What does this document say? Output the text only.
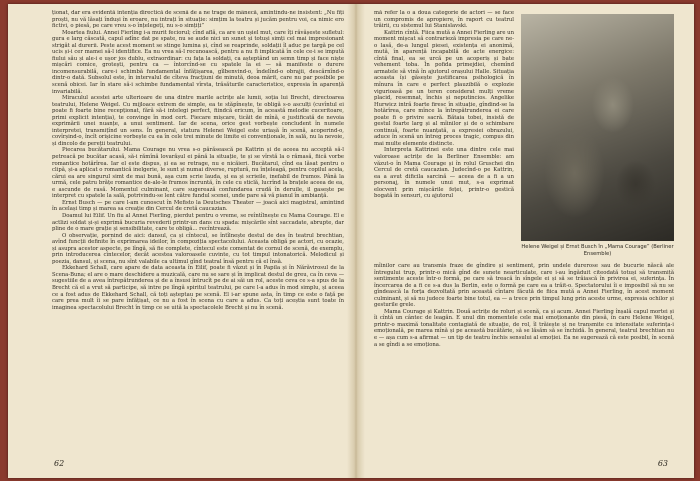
ționat, dar era evidentă intenția directică de scenă de a ne trage de mânecă, amintindu-ne insistent: „Nu fiți proști, nu vă lăsați înduși în eroare, nu intrați în situație: simțim la teatru și jucăm pentru voi, ca nimic ero fictivi, o piesă, pe care vreu s-o înțelegeți, nu s-o simțiți”

Moartea fiului. Annei Fierling i-a murit feciorul; cînd află, ca are un ușiel mut, care îți răvășeste sufletul: gura e larg căscată, capul adînc dat pe spate, nu se aude nici un sunet și totuși simți cel mai impresionant strigăt al durerii. Peste acest moment se stinge lumina și, cînd se reaprinde, soldații îl aduc pe targă pe cel ucis și-i cer mamei să-l identifice. Ea nu vrea să-l recunoască, pentru a nu fi implicată în cele ce-i se impută fiului său și ale-i e ușor jos dublu, extraordinar: cu fața la soldați, ca așteptând un semn timp și face niște mișcări comice, grotești, pentru ca — întorcînd-se cu spatele la ei — să manifeste o durere incomensurabilă, care-i schimbă fundamental înfățișarea, gîlbenvind-o, îndelînd-o obrajii, descărnînd-o dintr-o dată. Subsolul este, în intervalul de cîteva fracțiuni de minută, deoa mărit, care nu par posibile pe scenă obicei. Iar în stare să-i schimbe fundamental vîrsta, trăsăturile caracteristice, expresia în aparență invariabilă.

Miraculul acestei arte ulterioare de una dintre marile actrițe ale lumii, soția lui Brecht, directoarea teatrului, Helene Weigel. Cu mijloace extrem de simple, ea te stăpînește, te obligă s-o asculți (cuvîntul ei poate fi foarte bine recepționat, fără să-i intelegi perfect, fiindcă ericum, în această melodie cuceritoare, primi explicit intenția), te convinge în mod cert. Fiecare mișcare, ticăit de mînă, e justificată de nevoia exprimării unei nuanțe, a unui sentiment. Iar de scena, orice gest vorbește concludent în numele interpretei, transmițînd un sens. În general, statura Helenei Weigel este uriașă în scenă, acoperind-o, covîrșind-o, încît orișicine vorbește cu ea în cele trei minute de limite ei convenționale, în sală, nu la nevoie, și dincolo de pereții teatrului.

Piecarea bucătarului. Mama Courage nu vrea s-o părăsească pe Kattrin și de aceea nu acceptă să-l petreacă pe bucătar acasă, să-i rămînă lovarășul ei până la situație, te și se vîrstă la o rămasă, fiică vorbe romantice hotărîrea. Iar el este dispus, și ea se retrage, nu e nicăieri. Bucătarul, cînd ea lăsat pentru o clipă, și-a aplicat o romantică inelgerie, le sunt și numai diverse, ruptură, nu înțeleagă, pentru copilul acela, cărui ea are singurul simt de mai bună, așa cum scrie lauda, și ea și scrieile, inefabil de frumos. Până la urmă, cele patru brățe romantice de-ale-le frumos încruntă, în cele cu sticlă, lucrînd la brațele aceea de ea, e ascunde de rasă. Momentul culminant, care sugerează confundarea crudă în deruile, il gasește pe interpret cu spatele la sală, potrivindu-se lent câtre fundul scenei, unde pare să vă pianul în ambianță.

Ernst Busch — pe care l-am cunoscut în Mefisto la Deutsches Theater — joacă aici magistral, amintind în același timp și marea sa creație din Cercul de cretă caucazian.

Doamul lui Eilif. Un fiu al Annei Fierling, pierdut pentru o vreme, se reîntîlnește cu Mama Courage. El e actlizi soldat și-și exprimă bucuria revederii printr-un dans cu spada: mișcările sînt saccadate, abrupte, dar pline de o mare grație și sensibilitate, care te obligă... recîntrează.

O observație, pornind de aici: dansul, ca și cîntecul, se întîlnește destul de des în teatrul brechtian, avînd funcții definite în exprimarea ideilor, în compoziția spectacolului. Aceasta obligă pe actori, cu ocazie, și asupra acestor aspecte, pe lîngă, să fie complete, cîntecul este comentat de cornul de scenă, de exemplu, prin introducerea cîntecelor, decât acestea valoroasele cuvinte, cu tot timpul intonatorică. Melodicul și poezia, dansul, și scena, nu sînt valabile ca ultimul gînd teatral însă pentru că el însă.

Ekkehard Schall, care apare de data aceasta în Eilif, poate fi văzut și în Papila și în Nărăvirosul de la Scena-Buna; el are o mare deschidere a muzicală, care nu se sare și în implicat destul de greu, ca în ceva — sugestiile de a avea întrepătrunderea și de a însusi întrucît pe de ai săi un rol, aceste ceva ce s-a spus de la Brecht că el a vrut să participe, să intre pe lîngă spiritul teatrului, pe care l-a adus în mod simplu, și aceea ce a fost adus de Ekkehard Schall, că toți așteptau pe scenă. El i-ar spune asta, în timp ce este o față pe care prea mult îi se pare înfățișat, ce nu a fost în scena cu care a adus. Ca toți aceștia sunt toate în imaginea spectacolului Brecht în timp ce se uită la spectacolele Brecht și nu în scenă.

62

mă refer la o a doua categorie de actori — se face un compromis de apropiere, în raport cu teatrul trăirii, cu sistemul lui Stanislavski.

Kattrin cîntă. Fiica mută a Annei Fierling are un moment mișcat să contrarieză impresia pe care ne-o lasă, de-a lungul piesei, existența ei anonimă, mută, în aparență incapabilă de acte energice: cîntă final, ea se urcă pe un acoperiș și bate vehement toba. În pofida primejdiei, chemînd armatele să vină în ajutorul orașului Halle. Situația aceasta își găsește justificarea psihologică în mînura în care e perfect plauzibilă o explozie vigurioasă pe un teren considerat mulți vreme placid, resemnat, închis și neputincios. Angelike Hurwicz intră foarte firesc în situație, gîndind-se la hotărîrea, care mînce la întrepătrunderea ei care poate fi o privire sacră. Bătaia tobei, insistă de gestul foarte larg și al mîinilor și de o schimbare continuă, foarte nuanțată, a expresiei obrazului, aduce în scenă un întreg proces tragic, compus din mai multe elemente distincte.

Interpreta Kattrinei este una dintre cele mai valoroase actrițe de la Berliner Ensemble: am văzut-o în Mama Courage și în rolul Gruschei din Cercul de cretă caucazian. Judecînd-o pe Kattrin, ea a avut dificila sarcină — aceea de a fi a un personaj, în numele unui mut, s-a exprimat elocvent prin mișcările feței, printr-o gestică bogată în sensuri, cu ajutorul

Helene Weigel și Ernst Busch în „Mama Courage” (Berliner Ensemble)

mîinilor care au transmis fraze de gîndire și sentiment, prin undele durerose sau de bucurie născă ale întregului trup, printr-o mică gînd de sunete nearticulate, care i-au îngăduit citeodată totuși să transmită sentimente aceste într-o formă, pe care să treacă în sîngele ei și să se trăiască în privirea ei, suferința. În încercarea de a fi ce s-a dus la Berlin, este o formă pe care ea a trăit-o. Spectatorului îi e imposibil să nu se gîndească la forța dezvoltată prin această cîntare făcută de fiica mută a Annei Fierling, în acest moment culminant, și să nu judece foarte bine totul, ea — a trece prin timpul lung prin aceste urme, expresia ochilor și gesturile grele.

Mama Courage și Kattrin. Două actrițe de roluri și scenă, ca și acum. Annei Fierling înșală capul mortei și îi cîntă un cântec de leagăn. E unul din momentele cele mai emoționante din piesă, în care Helene Weigel, printr-o maximă tonalitate contagiată de situație, de rol, îl trăiește și ne transmite cu intensitate suferința-i emoțională, pe marea mînă și pe această bucătărie, să se lăsăm să se închidă. În general, teatrul brechtian nu e — așa cum s-a afirmat — un tip de teatru închis sensului al emoției. Ea ne sugerează că este posibil, în scenă a se gîndi a se emoționa.

63
